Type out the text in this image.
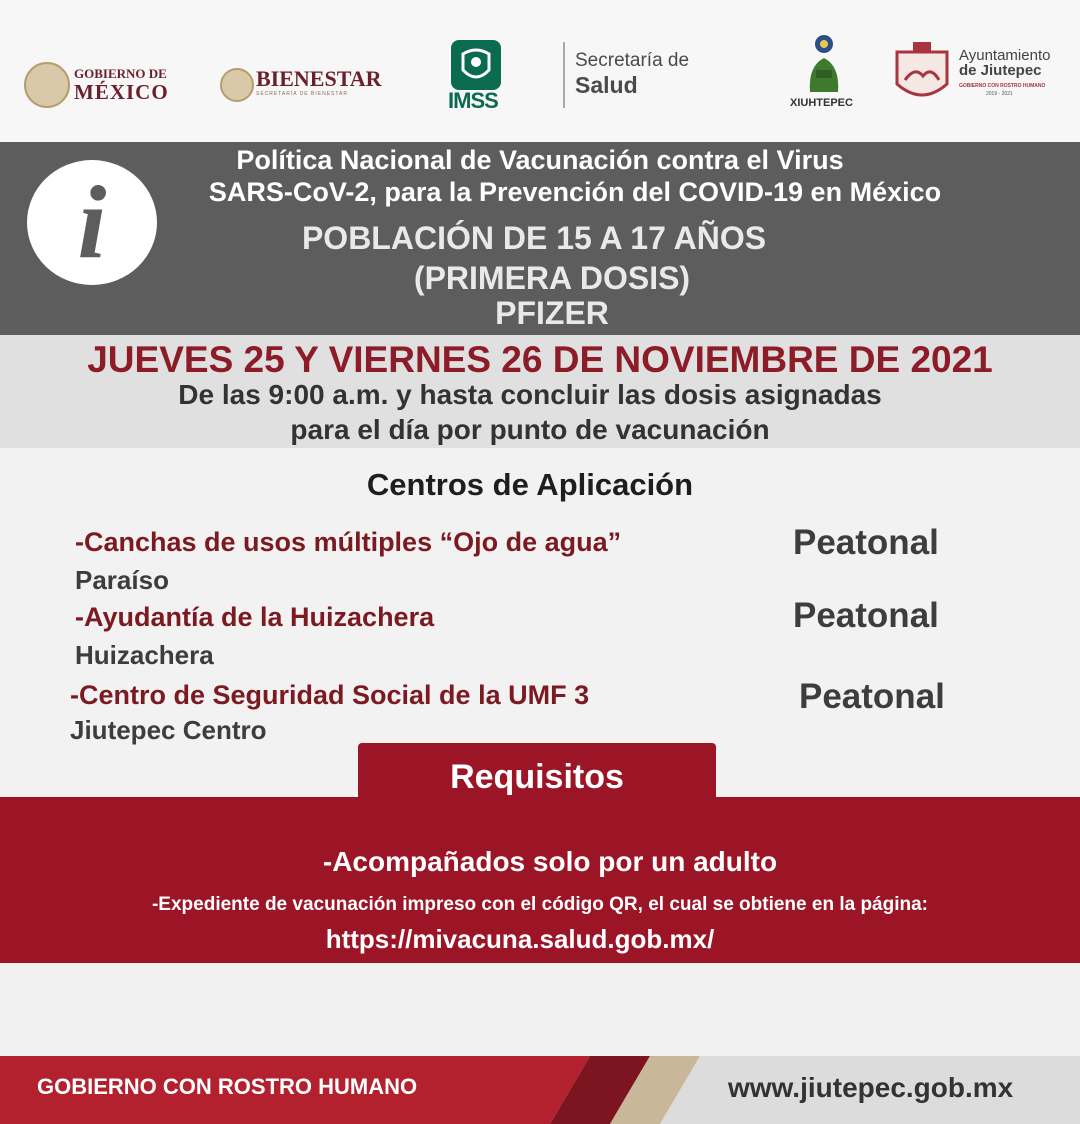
GOBIERNO DE
MÉXICO
BIENESTAR
SECRETARÍA DE BIENESTAR	IMSS
Secretaría de
Salud
XIUHTEPEC
Ayuntamiento
de Jiutepec
GOBIERNO CON ROSTRO HUMANO
2019 - 2021
i
Política Nacional de Vacunación contra el Virus
SARS-CoV-2, para la Prevención del COVID-19 en México
POBLACIÓN DE 15 A 17 AÑOS
(PRIMERA DOSIS)
PFIZER
JUEVES 25 Y VIERNES 26 DE NOVIEMBRE DE 2021
De las 9:00 a.m. y hasta concluir las dosis asignadas
para el día por punto de vacunación
Centros de Aplicación
-Canchas de usos múltiples “Ojo de agua”
Paraíso
Peatonal
-Ayudantía de la Huizachera
Huizachera
Peatonal
-Centro de Seguridad Social de la UMF 3
Jiutepec Centro
Peatonal
Requisitos
-Acompañados solo por un adulto
-Expediente de vacunación impreso con el código QR, el cual se obtiene en la página:
https://mivacuna.salud.gob.mx/
GOBIERNO CON ROSTRO HUMANO	www.jiutepec.gob.mx
